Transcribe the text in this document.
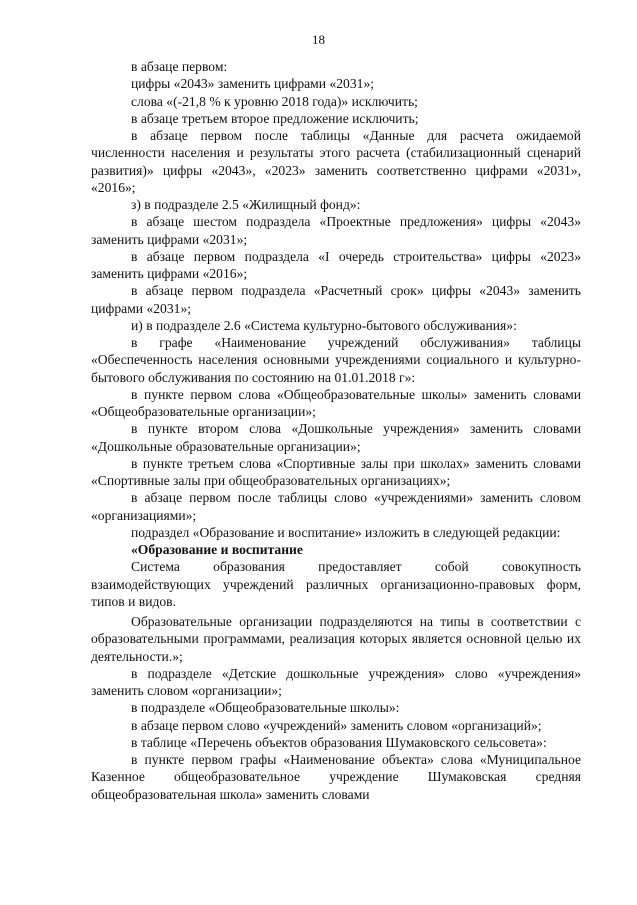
18

в абзаце первом:

цифры «2043» заменить цифрами «2031»;

слова «(-21,8 % к уровню 2018 года)» исключить;

в абзаце третьем второе предложение исключить;

в абзаце первом после таблицы «Данные для расчета ожидаемой численности населения и результаты этого расчета (стабилизационный сценарий развития)» цифры «2043», «2023» заменить соответственно цифрами «2031», «2016»;

з) в подразделе 2.5 «Жилищный фонд»:

в абзаце шестом подраздела «Проектные предложения» цифры «2043» заменить цифрами «2031»;

в абзаце первом подраздела «I очередь строительства» цифры «2023» заменить цифрами «2016»;

в абзаце первом подраздела «Расчетный срок» цифры «2043» заменить цифрами «2031»;

и) в подразделе 2.6 «Система культурно-бытового обслуживания»:

в графе «Наименование учреждений обслуживания» таблицы «Обеспеченность населения основными учреждениями социального и культурно-бытового обслуживания по состоянию на 01.01.2018 г»:

в пункте первом слова «Общеобразовательные школы» заменить словами «Общеобразовательные организации»;

в пункте втором слова «Дошкольные учреждения» заменить словами «Дошкольные образовательные организации»;

в пункте третьем слова «Спортивные залы при школах» заменить словами «Спортивные залы при общеобразовательных организациях»;

в абзаце первом после таблицы слово «учреждениями» заменить словом «организациями»;

подраздел «Образование и воспитание» изложить в следующей редакции:

«Образование и воспитание

Система образования предоставляет собой совокупность взаимодействующих учреждений различных организационно-правовых форм, типов и видов.

Образовательные организации подразделяются на типы в соответствии с образовательными программами, реализация которых является основной целью их деятельности.»;

в подразделе «Детские дошкольные учреждения» слово «учреждения» заменить словом «организации»;

в подразделе «Общеобразовательные школы»:

в абзаце первом слово «учреждений» заменить словом «организаций»;

в таблице «Перечень объектов образования Шумаковского сельсовета»:

в пункте первом графы «Наименование объекта» слова «Муниципальное Казенное общеобразовательное учреждение Шумаковская средняя общеобразовательная школа» заменить словами
